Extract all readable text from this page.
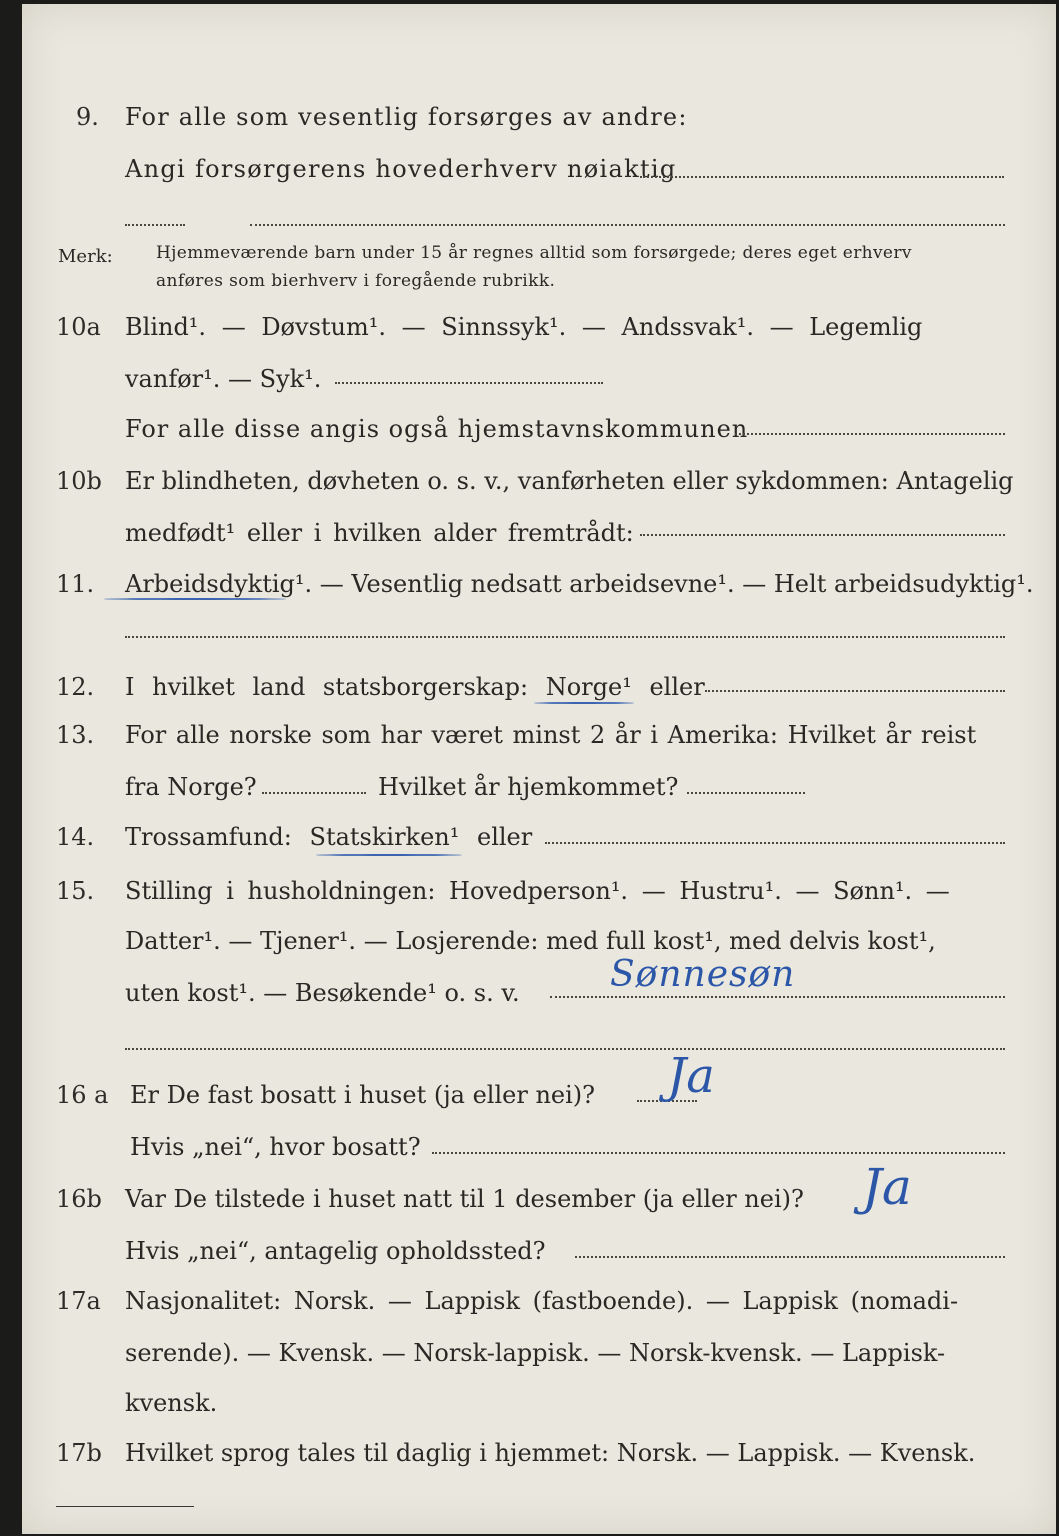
9. For alle som vesentlig forsørges av andre:
Angi forsørgerens hovederhverv nøiaktig
Merk:	Hjemmeværende barn under 15 år regnes alltid som forsørgede; deres eget erhverv
anføres som bierhverv i foregående rubrikk.
10a Blind¹. — Døvstum¹. — Sinnssyk¹. — Andssvak¹. — Legemlig
vanfør¹. — Syk¹.
For alle disse angis også hjemstavnskommunen
10b Er blindheten, døvheten o. s. v., vanførheten eller sykdommen: Antagelig
medfødt¹ eller i hvilken alder fremtrådt:
11. Arbeidsdyktig¹. — Vesentlig nedsatt arbeidsevne¹. — Helt arbeidsudyktig¹.
12. I hvilket land statsborgerskap: Norge¹ eller
13. For alle norske som har været minst 2 år i Amerika: Hvilket år reist
fra Norge?	Hvilket år hjemkommet?
14. Trossamfund: Statskirken¹ eller
15. Stilling i husholdningen: Hovedperson¹. — Hustru¹. — Sønn¹. —
Datter¹. — Tjener¹. — Losjerende: med full kost¹, med delvis kost¹,
uten kost¹. — Besøkende¹ o. s. v.	Sønnesøn
16 a Er De fast bosatt i huset (ja eller nei)? Ja
Hvis „nei“, hvor bosatt?
16b Var De tilstede i huset natt til 1 desember (ja eller nei)? Ja
Hvis „nei“, antagelig opholdssted?
17a Nasjonalitet: Norsk. — Lappisk (fastboende). — Lappisk (nomadi-
serende). — Kvensk. — Norsk-lappisk. — Norsk-kvensk. — Lappisk-
kvensk.
17b Hvilket sprog tales til daglig i hjemmet: Norsk. — Lappisk. — Kvensk.
